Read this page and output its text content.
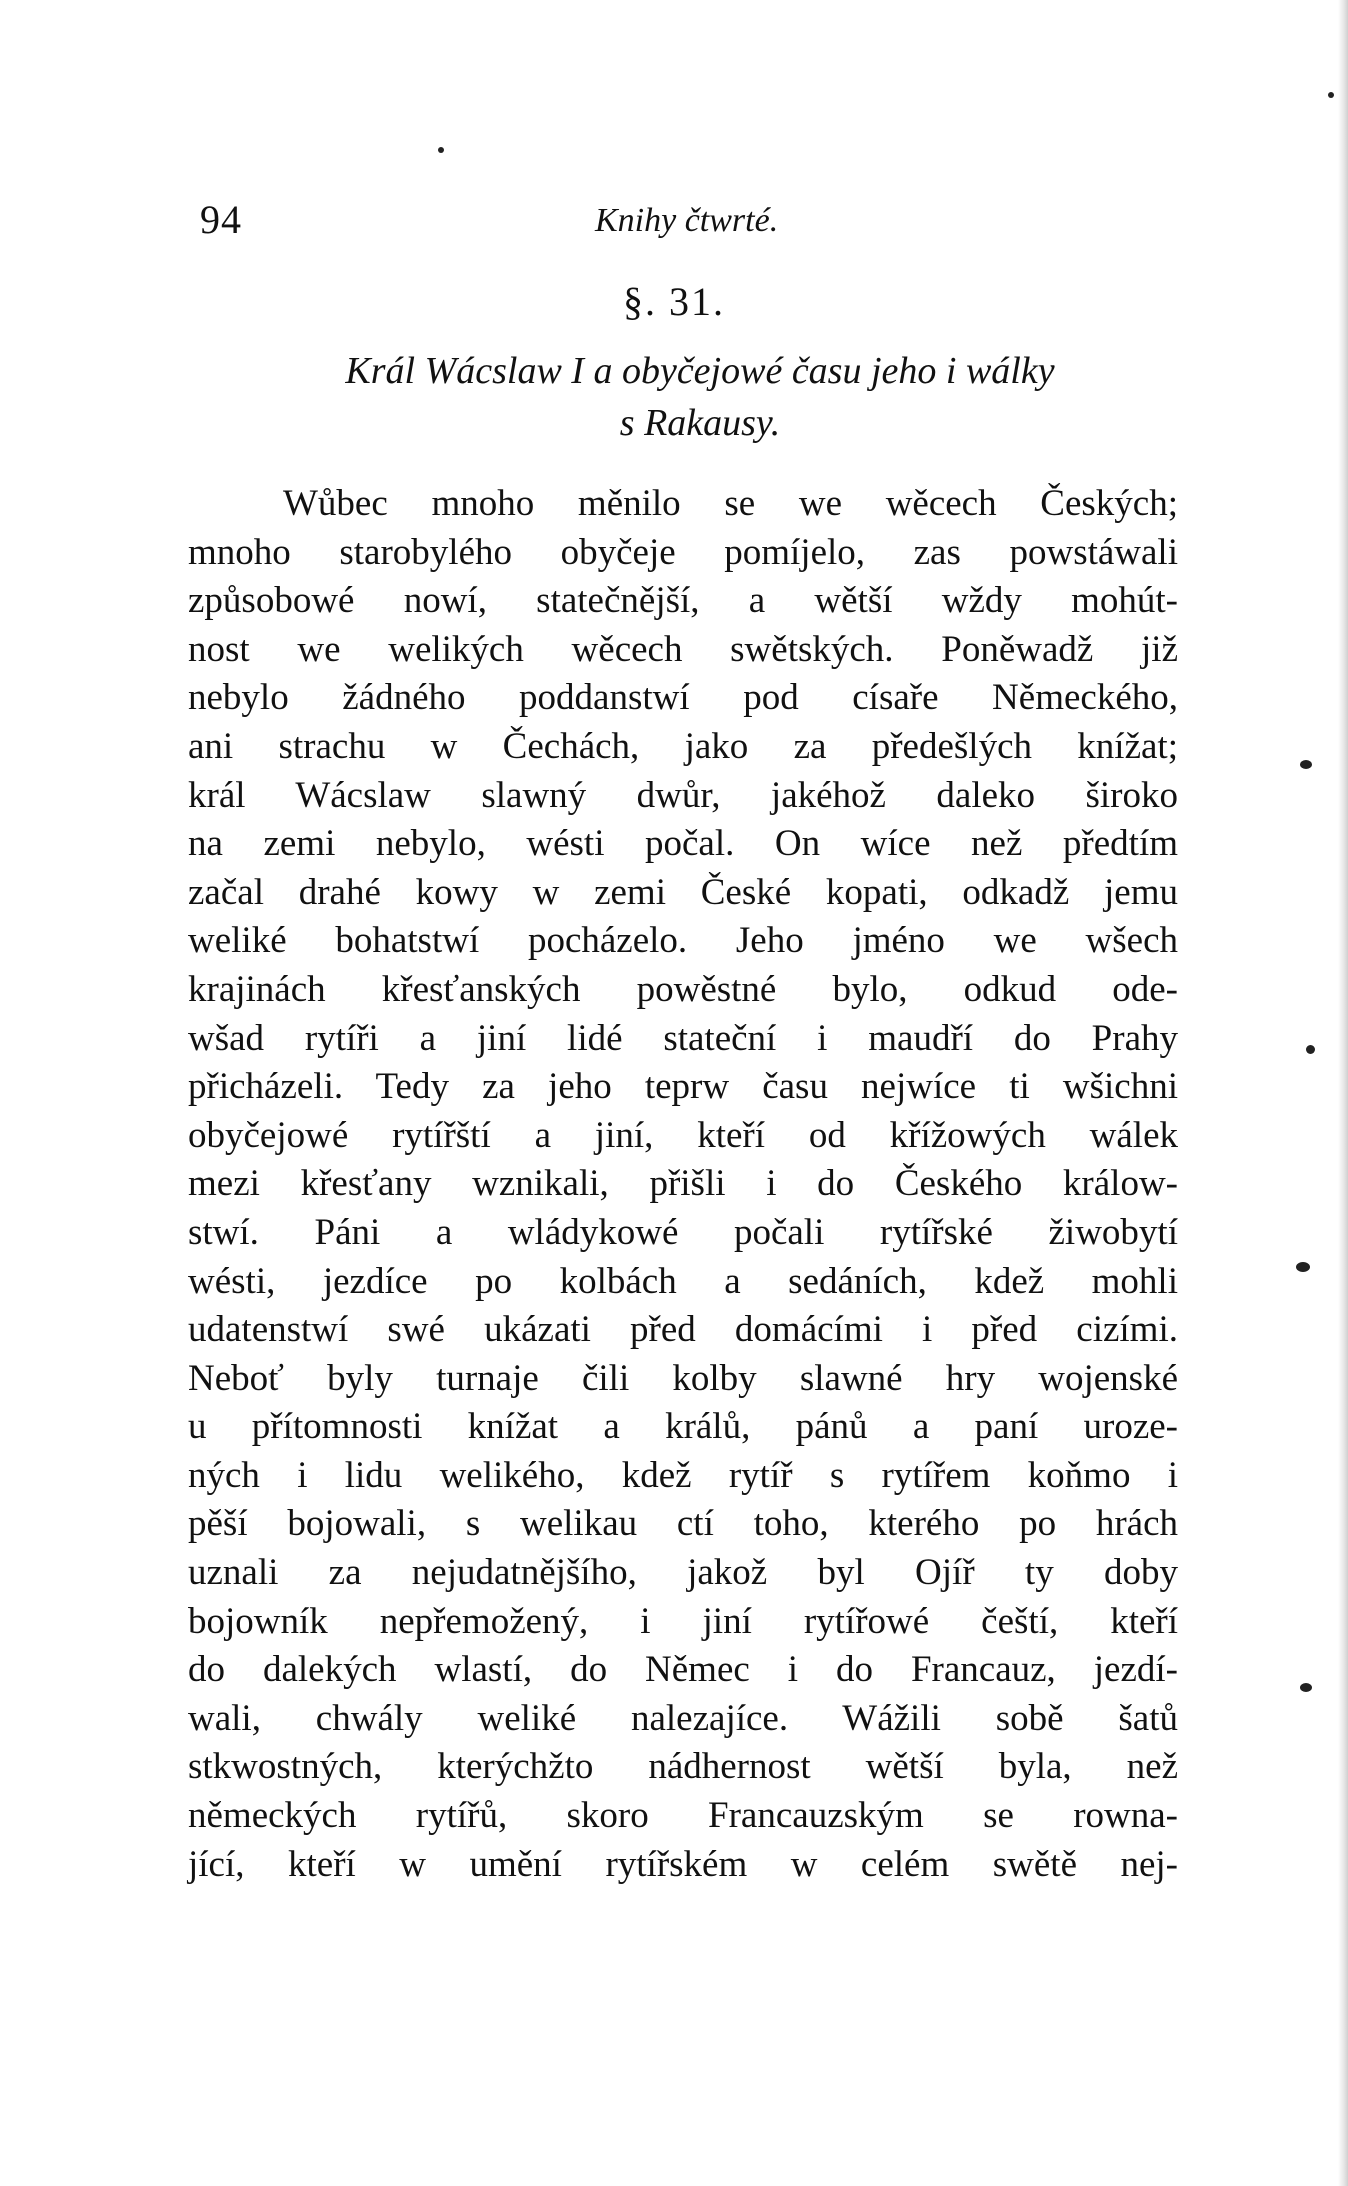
94	Knihy čtwrté.
§. 31.
Král Wácslaw I a obyčejowé času jeho i wálky
s Rakausy.
Wůbec mnoho měnilo se we wěcech Českých;
mnoho starobylého obyčeje pomíjelo, zas powstáwali
způsobowé nowí, statečnější, a wětší wždy mohút-
nost we welikých wěcech swětských. Poněwadž již
nebylo žádného poddanstwí pod císaře Německého,
ani strachu w Čechách, jako za předešlých knížat;
král Wácslaw slawný dwůr, jakéhož daleko široko
na zemi nebylo, wésti počal. On wíce než předtím
začal drahé kowy w zemi České kopati, odkadž jemu
weliké bohatstwí pocházelo. Jeho jméno we wšech
krajinách křesťanských powěstné bylo, odkud ode-
wšad rytíři a jiní lidé stateční i maudří do Prahy
přicházeli. Tedy za jeho teprw času nejwíce ti wšichni
obyčejowé rytířští a jiní, kteří od křížowých wálek
mezi křesťany wznikali, přišli i do Českého králow-
stwí. Páni a wládykowé počali rytířské žiwobytí
wésti, jezdíce po kolbách a sedáních, kdež mohli
udatenstwí swé ukázati před domácími i před cizími.
Neboť byly turnaje čili kolby slawné hry wojenské
u přítomnosti knížat a králů, pánů a paní uroze-
ných i lidu welikého, kdež rytíř s rytířem koňmo i
pěší bojowali, s welikau ctí toho, kterého po hrách
uznali za nejudatnějšího, jakož byl Ojíř ty doby
bojowník nepřemožený, i jiní rytířowé čeští, kteří
do dalekých wlastí, do Němec i do Francauz, jezdí-
wali, chwály weliké nalezajíce. Wážili sobě šatů
stkwostných, kterýchžto nádhernost wětší byla, než
německých rytířů, skoro Francauzským se rowna-
jící, kteří w umění rytířském w celém swětě nej-
